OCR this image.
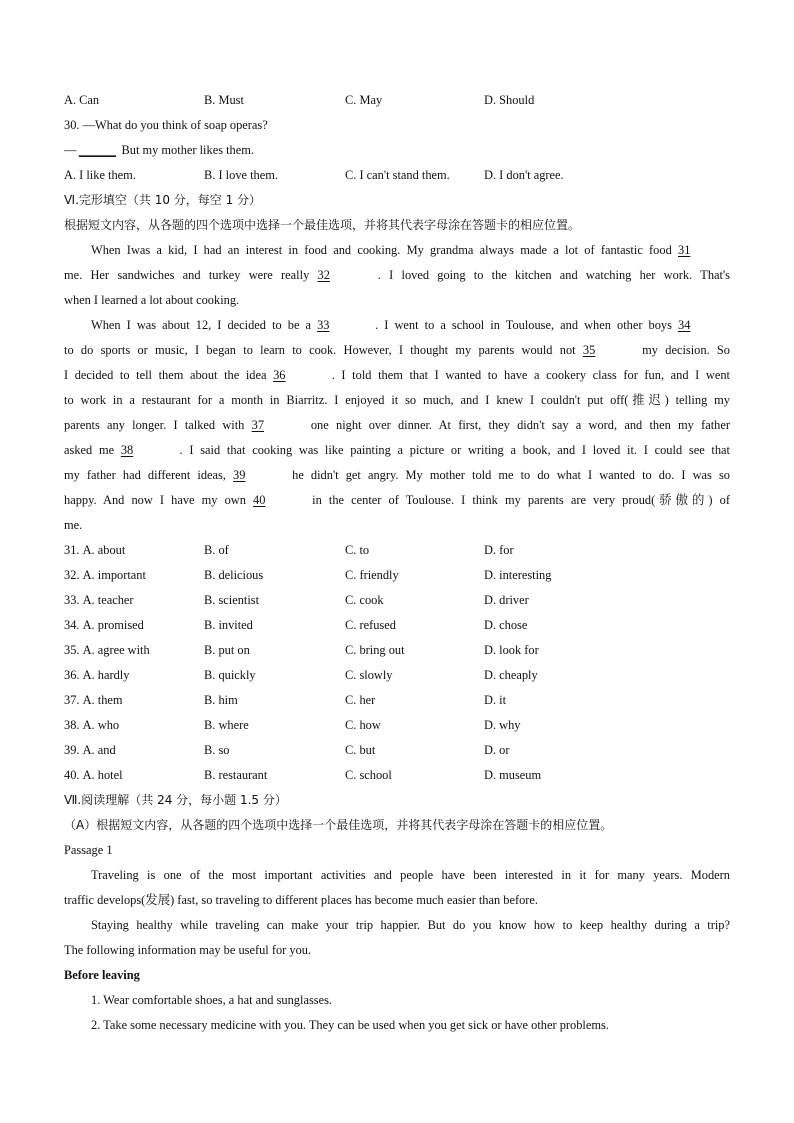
A. Can	B. Must	C. May	D. Should
30. —What do you think of soap operas?
— ______ But my mother likes them.
A. I like them.	B. I love them.	C. I can't stand them.	D. I don't agree.
Ⅵ.完形填空（共 10 分，每空 1 分）
根据短文内容，从各题的四个选项中选择一个最佳选项，并将其代表字母涂在答题卡的相应位置。
When Iwas a kid, I had an interest in food and cooking. My grandma always made a lot of fantastic food 31
me. Her sandwiches and turkey were really 32	. I loved going to the kitchen and watching her work. That's
when I learned a lot about cooking.
When I was about 12, I decided to be a 33	. I went to a school in Toulouse, and when other boys 34
to do sports or music, I began to learn to cook. However, I thought my parents would not 35	my decision. So
I decided to tell them about the idea 36	. I told them that I wanted to have a cookery class for fun, and I went
to work in a restaurant for a month in Biarritz. I enjoyed it so much, and I knew I couldn't put off(推迟) telling my
parents any longer. I talked with 37	one night over dinner. At first, they didn't say a word, and then my father
asked me 38	. I said that cooking was like painting a picture or writing a book, and I loved it. I could see that
my father had different ideas, 39	he didn't get angry. My mother told me to do what I wanted to do. I was so
happy. And now I have my own 40	in the center of Toulouse. I think my parents are very proud(骄傲的) of
me.
31. A. about	B. of	C. to	D. for
32. A. important	B. delicious	C. friendly	D. interesting
33. A. teacher	B. scientist	C. cook	D. driver
34. A. promised	B. invited	C. refused	D. chose
35. A. agree with	B. put on	C. bring out	D. look for
36. A. hardly	B. quickly	C. slowly	D. cheaply
37. A. them	B. him	C. her	D. it
38. A. who	B. where	C. how	D. why
39. A. and	B. so	C. but	D. or
40. A. hotel	B. restaurant	C. school	D. museum
Ⅶ.阅读理解（共 24 分，每小题 1.5 分）
（A）根据短文内容，从各题的四个选项中选择一个最佳选项，并将其代表字母涂在答题卡的相应位置。
Passage 1
Traveling is one of the most important activities and people have been interested in it for many years. Modern
traffic develops(发展) fast, so traveling to different places has become much easier than before.
Staying healthy while traveling can make your trip happier. But do you know how to keep healthy during a trip?
The following information may be useful for you.
Before leaving
1. Wear comfortable shoes, a hat and sunglasses.
2. Take some necessary medicine with you. They can be used when you get sick or have other problems.
